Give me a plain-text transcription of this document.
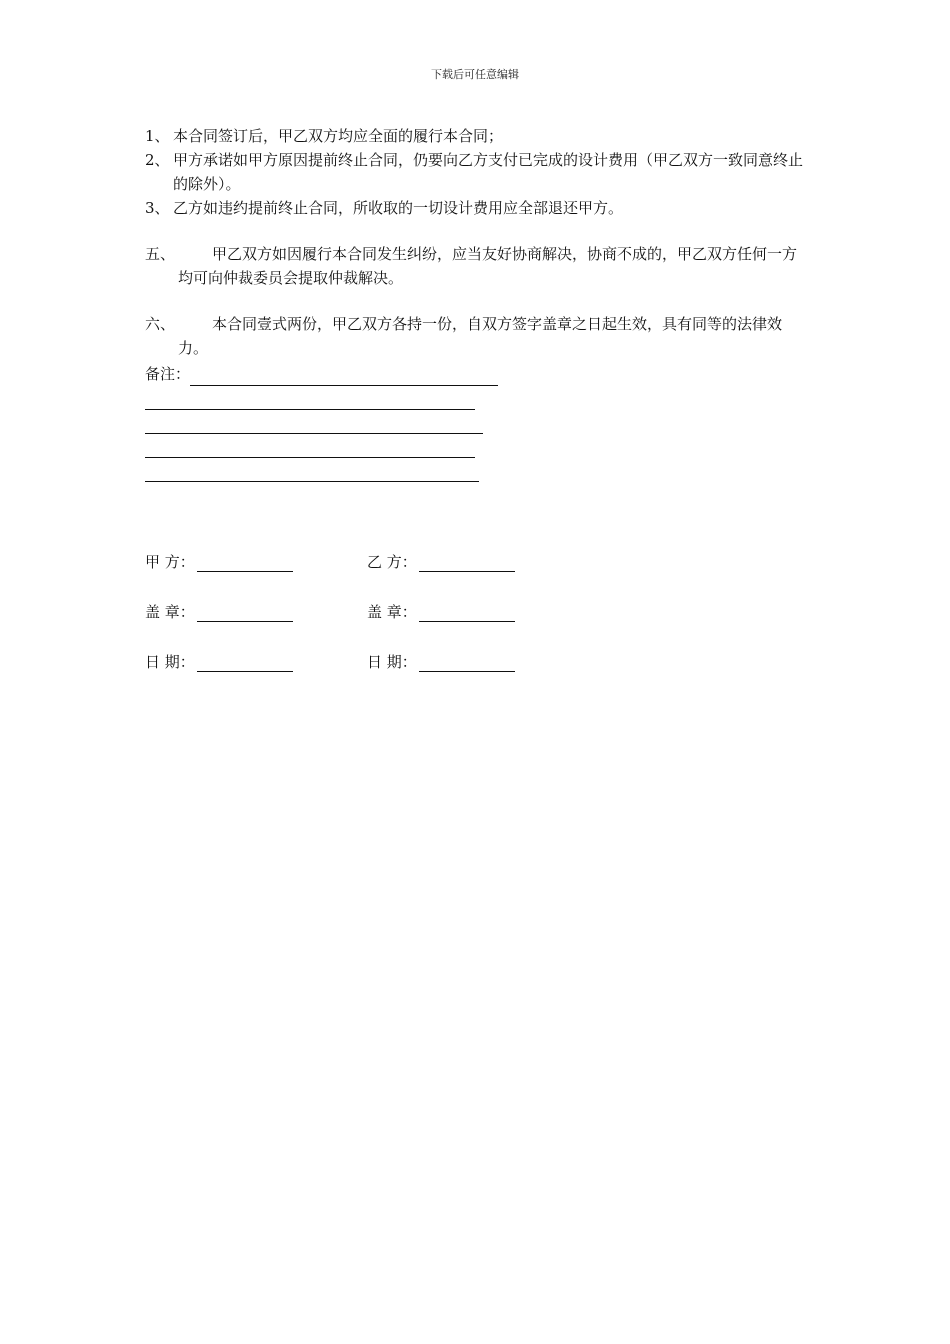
下载后可任意编辑
1、 本合同签订后，甲乙双方均应全面的履行本合同；
2、 甲方承诺如甲方原因提前终止合同，仍要向乙方支付已完成的设计费用（甲乙双方一致同意终止的除外）。
3、 乙方如违约提前终止合同，所收取的一切设计费用应全部退还甲方。
五、	甲乙双方如因履行本合同发生纠纷，应当友好协商解决，协商不成的，甲乙双方任何一方均可向仲裁委员会提取仲裁解决。
六、	本合同壹式两份，甲乙双方各持一份，自双方签字盖章之日起生效，具有同等的法律效力。
备注：
甲 方：	乙 方：
盖 章：	盖 章：
日 期：	日 期：
